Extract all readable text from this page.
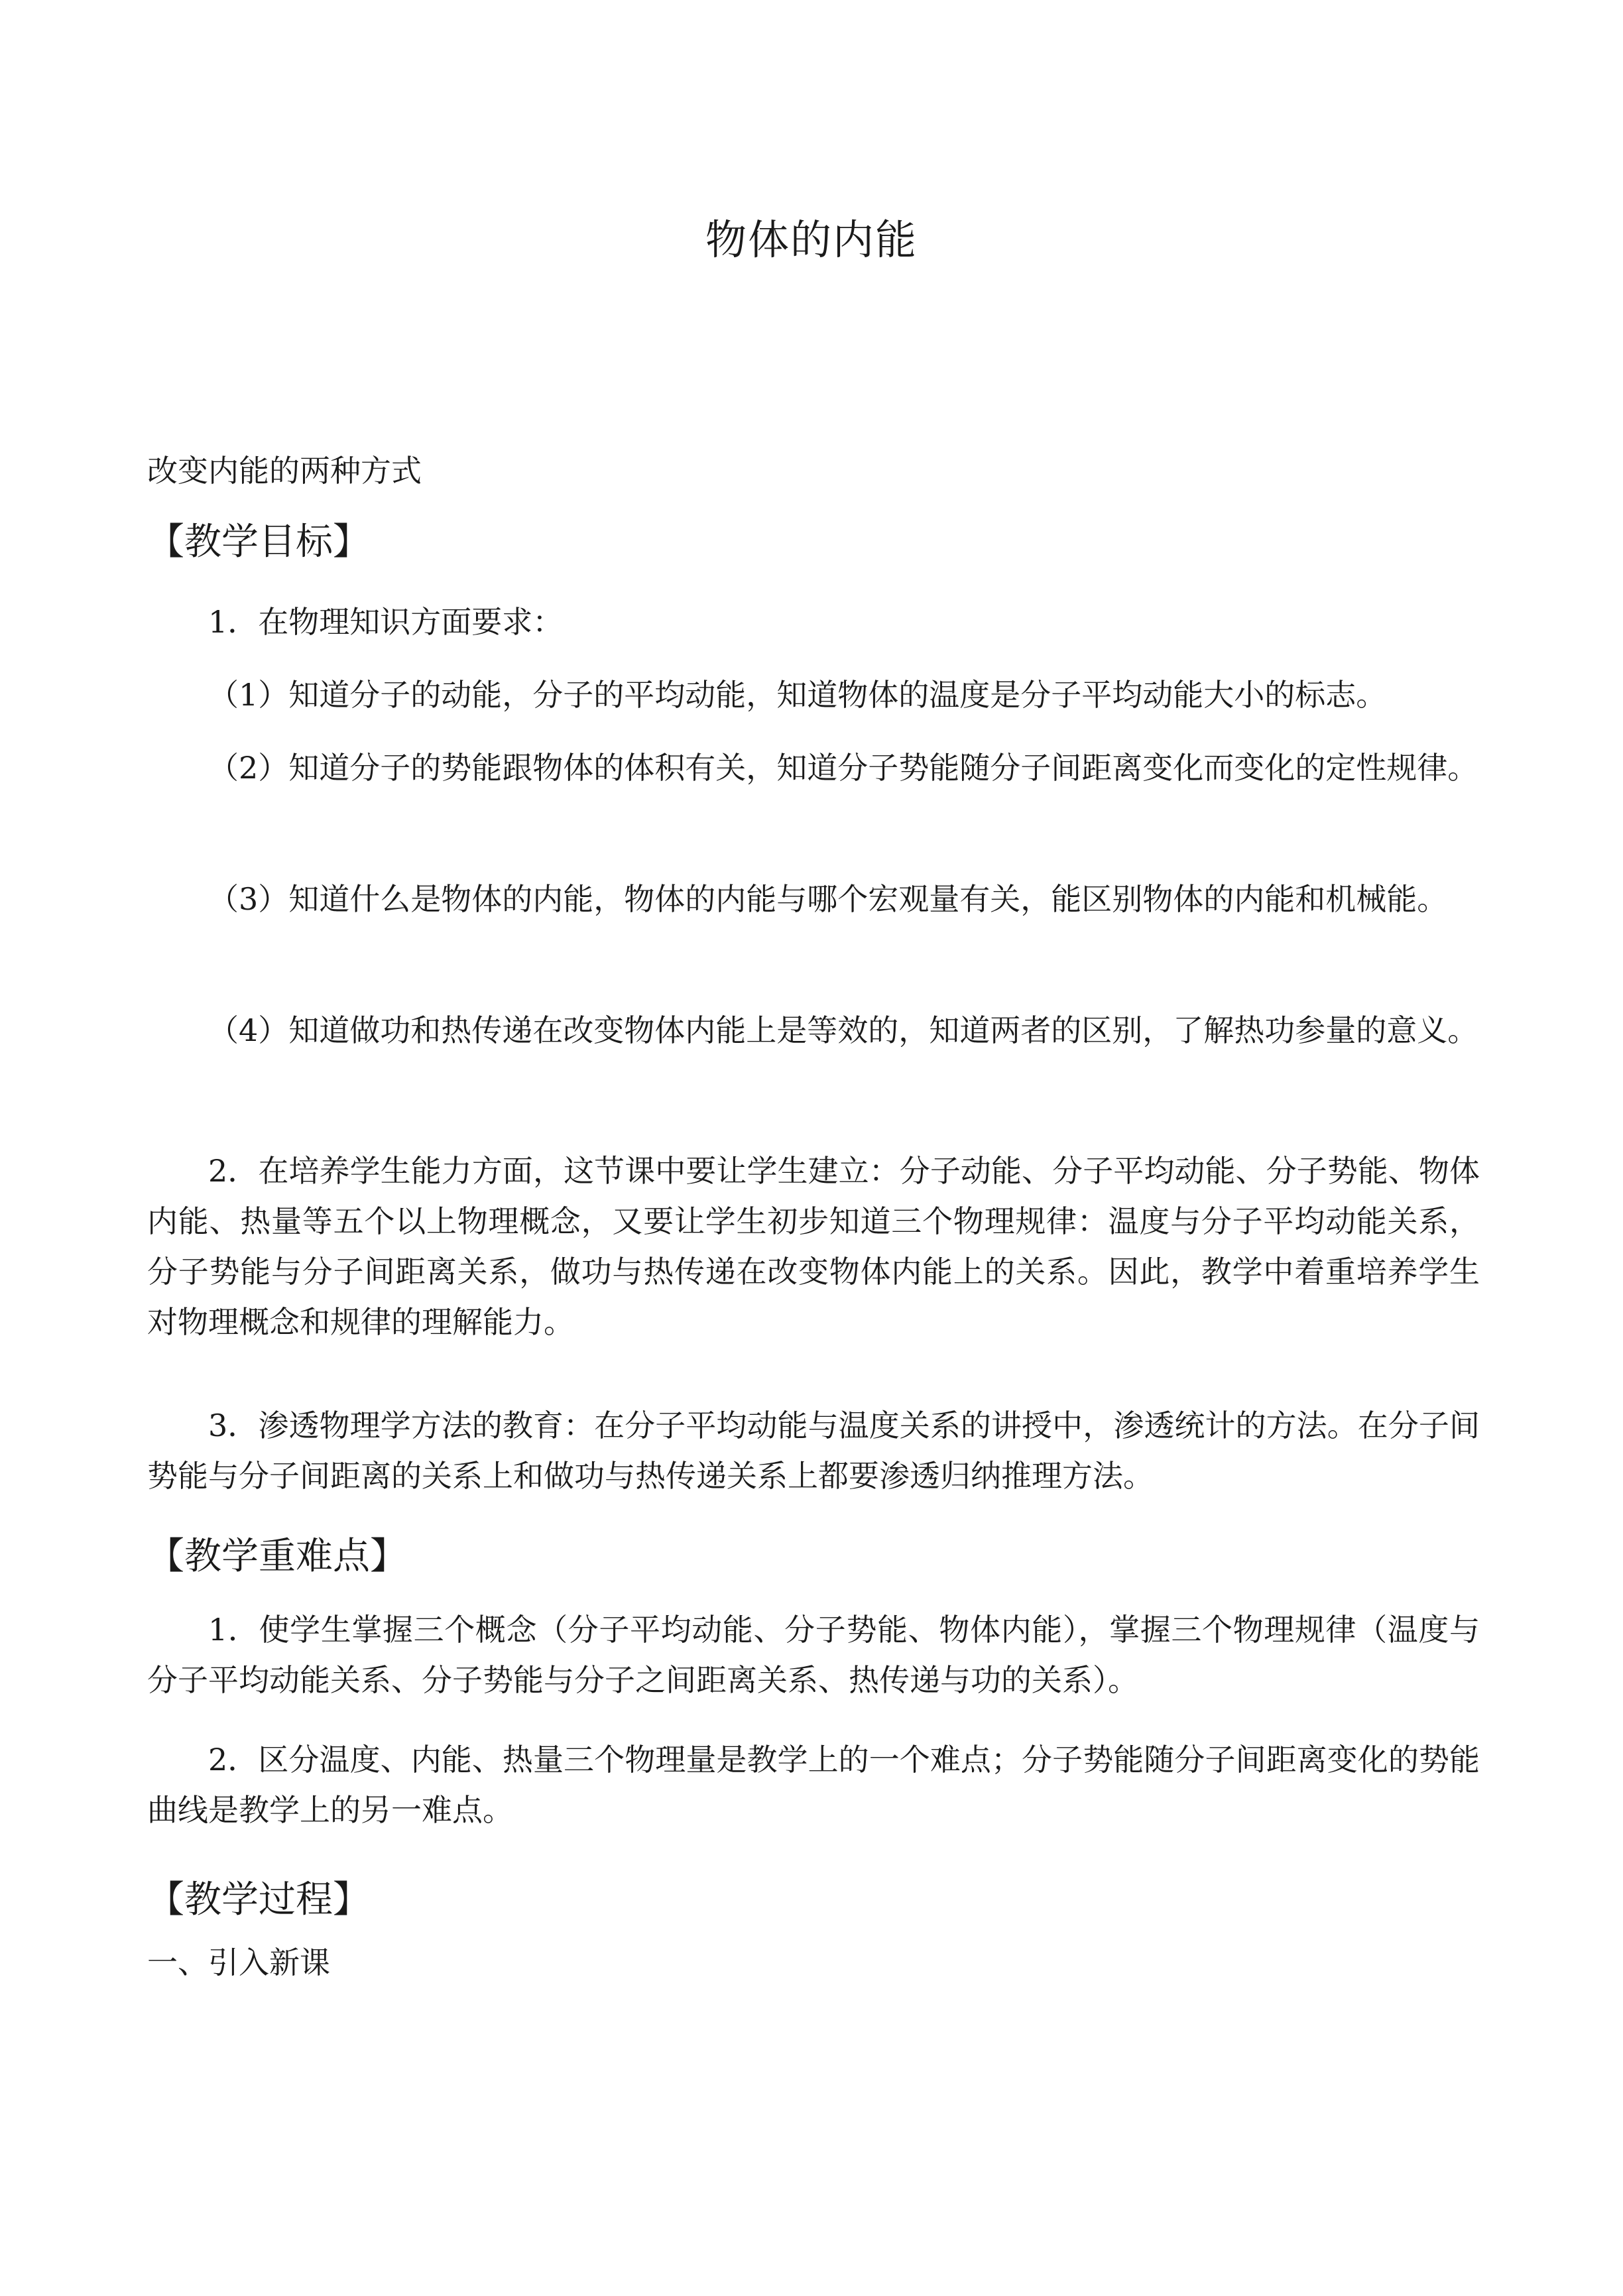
物体的内能
改变内能的两种方式
【教学目标】
1．在物理知识方面要求：
（1）知道分子的动能，分子的平均动能，知道物体的温度是分子平均动能大小的标志。
（2）知道分子的势能跟物体的体积有关，知道分子势能随分子间距离变化而变化的定性规律。
（3）知道什么是物体的内能，物体的内能与哪个宏观量有关，能区别物体的内能和机械能。
（4）知道做功和热传递在改变物体内能上是等效的，知道两者的区别，了解热功参量的意义。
2．在培养学生能力方面，这节课中要让学生建立：分子动能、分子平均动能、分子势能、物体内能、热量等五个以上物理概念，又要让学生初步知道三个物理规律：温度与分子平均动能关系，分子势能与分子间距离关系，做功与热传递在改变物体内能上的关系。因此，教学中着重培养学生对物理概念和规律的理解能力。
3．渗透物理学方法的教育：在分子平均动能与温度关系的讲授中，渗透统计的方法。在分子间势能与分子间距离的关系上和做功与热传递关系上都要渗透归纳推理方法。
【教学重难点】
1．使学生掌握三个概念（分子平均动能、分子势能、物体内能），掌握三个物理规律（温度与分子平均动能关系、分子势能与分子之间距离关系、热传递与功的关系）。
2．区分温度、内能、热量三个物理量是教学上的一个难点；分子势能随分子间距离变化的势能曲线是教学上的另一难点。
【教学过程】
一、引入新课
